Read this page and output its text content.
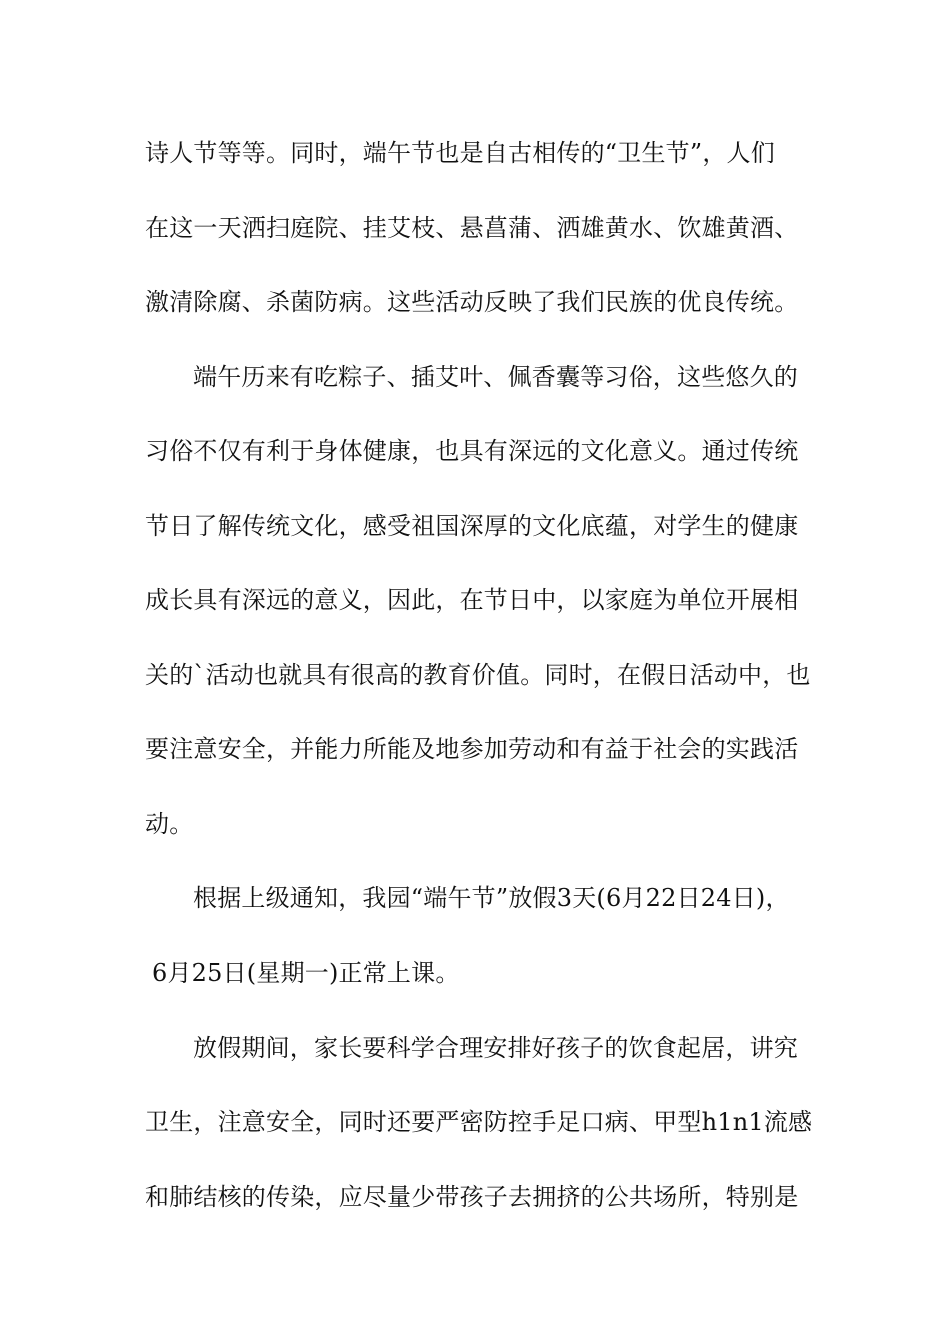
诗人节等等。同时，端午节也是自古相传的“卫生节”，人们
在这一天洒扫庭院、挂艾枝、悬菖蒲、洒雄黄水、饮雄黄酒、
激清除腐、杀菌防病。这些活动反映了我们民族的优良传统。
端午历来有吃粽子、插艾叶、佩香囊等习俗，这些悠久的
习俗不仅有利于身体健康，也具有深远的文化意义。通过传统
节日了解传统文化，感受祖国深厚的文化底蕴，对学生的健康
成长具有深远的意义，因此，在节日中，以家庭为单位开展相
关的`活动也就具有很高的教育价值。同时，在假日活动中，也
要注意安全，并能力所能及地参加劳动和有益于社会的实践活
动。
根据上级通知，我园“端午节”放假3天(6月22日24日)，
6月25日(星期一)正常上课。
放假期间，家长要科学合理安排好孩子的饮食起居，讲究
卫生，注意安全，同时还要严密防控手足口病、甲型h1n1流感
和肺结核的传染，应尽量少带孩子去拥挤的公共场所，特别是
